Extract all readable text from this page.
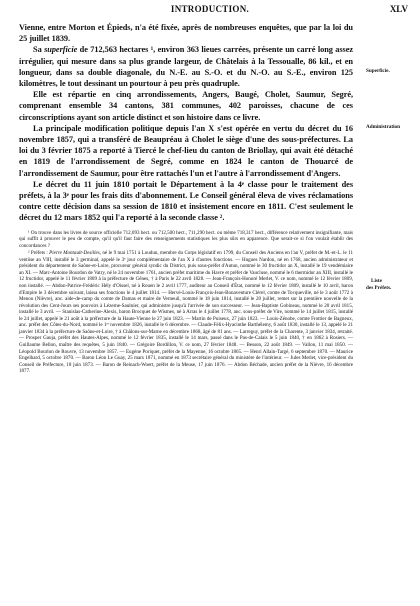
INTRODUCTION.	XLV
Superficie.
Administration
Liste
des Préfets.

Vienne, entre Morton et Épieds, n'a été fixée, après de nombreuses enquêtes, que par la loi du 25 juillet 1839.

Sa superficie de 712,563 hectares ¹, environ 363 lieues carrées, présente un carré long assez irrégulier, qui mesure dans sa plus grande largeur, de Châtelais à la Tessoualle, 86 kil., et en longueur, dans sa double diagonale, du N.-E. au S.-O. et du N.-O. au S.-E., environ 125 kilomètres, le tout dessinant un pourtour à peu près quadruple.

Elle est répartie en cinq arrondissements, Angers, Baugé, Cholet, Saumur, Segré, comprenant ensemble 34 cantons, 381 communes, 402 paroisses, chacune de ces circonscriptions ayant son article distinct et son histoire dans ce livre.

La principale modification politique depuis l'an X s'est opérée en vertu du décret du 16 novembre 1857, qui a transféré de Beaupréau à Cholet le siège d'une des sous-préfectures. La loi du 3 février 1875 a reporté à Tiercé le chef-lieu du canton de Briollay, qui avait été détaché en 1819 de l'arrondissement de Segré, comme en 1824 le canton de Thouarcé de l'arrondissement de Saumur, pour être rattachés l'un et l'autre à l'arrondissement d'Angers.

Le décret du 11 juin 1810 portait le Département à la 4ᵉ classe pour le traitement des préfets, à la 3ᵉ pour les frais dits d'abonnement. Le Conseil général éleva de vives réclamations contre cette décision dans sa session de 1810 et insistement encore en 1811. C'est seulement le décret du 12 mars 1852 qui l'a reporté à la seconde classe ².

¹ On trouve dans les livres de source officielle 712,093 hect. ou 712,500 hect., 711,290 hect. ou même 718,317 hect., différence relativement insignifiante, mais qui suffit à prouver le peu de compte, qu'il qu'il faut faire des renseignements statistiques les plus sûrs en apparence. Que serait-ce si l'on voulait établir des concordances ?

² Préfets : Pierre Montault-Desilles, né le 9 mai 1751 à Loudun, membre du Corps législatif en 1799, du Conseil des Anciens en l'an V, préfet de M.-et-L. le 11 ventôse an VIII, installé le 3 germinal, appelé le 3ᵉ jour complémentaire de l'an X à d'autres fonctions. — Hugues Nardon, né en 1768, ancien administrateur et président du département de Saône-et-Loire, procureur général syndic du District, puis sous-préfet d'Autun, nommé le 30 fructidor an X, installé le 19 vendémiaire an XI. — Marc-Antoine Bourdon de Vatry, né le 24 novembre 1761, ancien préfet maritime du Havre et préfet de Vaucluse, nommé le 6 thermidor an XIII, installé le 12 fructidor, appelé le 11 février 1809 à la préfecture de Gênes, † à Paris le 22 avril 1828. — Jean-François-Honoré Merlet, V. ce nom, nommé le 12 février 1809, non installé. — Abdon-Patrice-Frédéric Hély d'Oissel, né à Rouen le 2 avril 1777, auditeur au Conseil d'État, nommé le 12 février 1809, installé le 10 avril, baron d'Empire le 3 décembre suivant, laissa ses fonctions le 4 juillet 1814. — Hervé-Louis-François-Jean-Bonaventure Clérel, comte de Tocqueville, né le 3 août 1772 à Menou (Nièvre), anc. aide-de-camp du comte de Damas et maire de Verneuil, nommé le 18 juin 1814, installé le 20 juillet, remet sur la première nouvelle de la révolution des Cent-Jours ses pouvoirs à Lézerne-Saulnier, qui administre jusqu'à l'arrivée de son successeur. — Jean-Baptiste Gobineau, nommé le 20 avril 1815, installé le 3 avril. — Stanislas-Catherine-Alexis, baron Brocquet de Wismes, né à Arras le 4 juillet 1778, anc. sous-préfet de Vire, nommé le 14 juillet 1815, installé le 24 juillet, appelé le 21 août à la préfecture de la Haute-Vienne le 27 juin 1823. — Martin de Puiseux, 27 juin 1823. — Louis-Zénobe, comte Frottier de Bagneux, anc. préfet des Côtes-du-Nord, nommé le 1ᵉʳ novembre 1826, installé le 6 décembre. — Claude-Félix-Hyacinthe Barthélemy, 6 août 1830, installé le 13, appelé le 21 janvier 1834 à la préfecture de Saône-et-Loire, † à Châlons-sur-Marne en décembre 1868, âgé de 81 ans. — Larreguy, préfet de la Charente, 3 janvier 1834, retraité. — Prosper Gauja, préfet des Hautes-Alpes, nommé le 12 février 1835, installé le 14 mars, passé dans le Pas-de-Calais le 5 juin 1840, † en 1862 à Rosiers. — Guillaume Bellon, maître des requêtes, 5 juin 1840. — Grégoire Bordillon, V. ce nom, 27 février 1848. — Besson, 22 août 1849. — Vallon, 11 mai 1850. — Léopold Bourlon de Rouvre, 13 novembre 1857. — Eugène Poriquet, préfet de la Mayenne, 16 octobre 1865. — Henri Allain-Targé, 6 septembre 1870. — Maurice Engelhard, 5 octobre 1870. — Baron Léon Le Guay, 25 mars 1871, nommé en 1873 secrétaire général du ministère de l'intérieur. — Jules Merlet, vice-président du Conseil de Préfecture, 18 juin 1873. — Baron de Reinach-Woert, préfet de la Meuse, 17 juin 1876. — Abdon Béchade, ancien préfet de la Nièvre, 16 décembre 1877.
